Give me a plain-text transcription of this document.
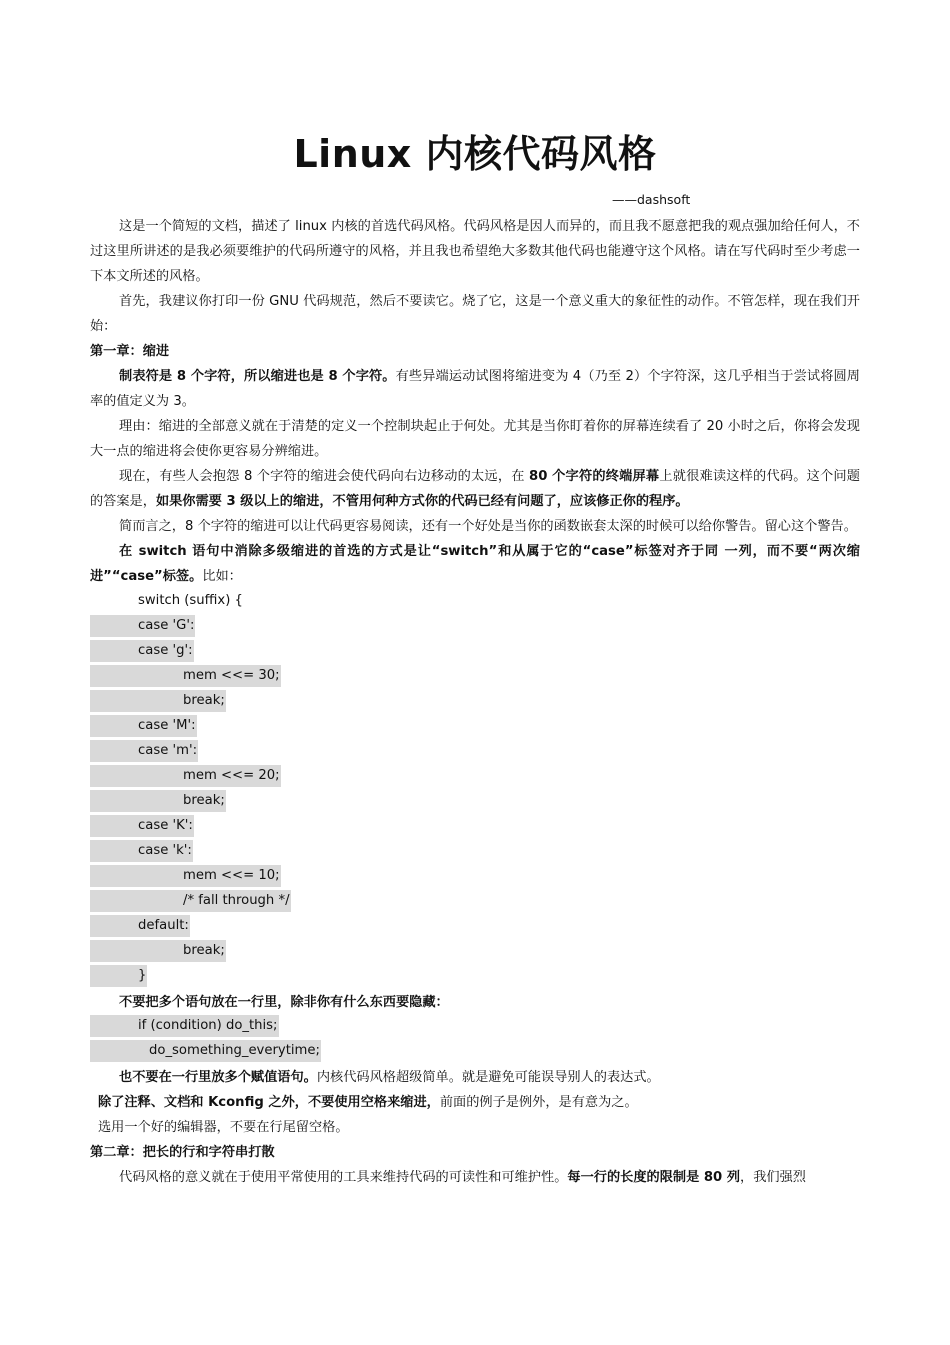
Linux 内核代码风格
——dashsoft

这是一个简短的文档，描述了 linux 内核的首选代码风格。代码风格是因人而异的，而且我不愿意把我的观点强加给任何人，不过这里所讲述的是我必须要维护的代码所遵守的风格，并且我也希望绝大多数其他代码也能遵守这个风格。请在写代码时至少考虑一下本文所述的风格。

首先，我建议你打印一份 GNU 代码规范，然后不要读它。烧了它，这是一个意义重大的象征性的动作。不管怎样，现在我们开始：

第一章：缩进

制表符是 8 个字符，所以缩进也是 8 个字符。有些异端运动试图将缩进变为 4（乃至 2）个字符深，这几乎相当于尝试将圆周率的值定义为 3。

理由：缩进的全部意义就在于清楚的定义一个控制块起止于何处。尤其是当你盯着你的屏幕连续看了 20 小时之后，你将会发现大一点的缩进将会使你更容易分辨缩进。

现在，有些人会抱怨 8 个字符的缩进会使代码向右边移动的太远，在 80 个字符的终端屏幕上就很难读这样的代码。这个问题的答案是，如果你需要 3 级以上的缩进，不管用何种方式你的代码已经有问题了，应该修正你的程序。

简而言之，8 个字符的缩进可以让代码更容易阅读，还有一个好处是当你的函数嵌套太深的时候可以给你警告。留心这个警告。

在 switch 语句中消除多级缩进的首选的方式是让“switch”和从属于它的“case”标签对齐于同 一列，而不要“两次缩进”“case”标签。比如：

switch (suffix) {
case 'G':
case 'g':
mem <<= 30;
break;
case 'M':
case 'm':
mem <<= 20;
break;
case 'K':
case 'k':
mem <<= 10;
/* fall through */
default:
break;
}

不要把多个语句放在一行里，除非你有什么东西要隐藏：

if (condition) do_this;
do_something_everytime;

也不要在一行里放多个赋值语句。内核代码风格超级简单。就是避免可能误导别人的表达式。

除了注释、文档和 Kconfig 之外，不要使用空格来缩进，前面的例子是例外，是有意为之。

选用一个好的编辑器，不要在行尾留空格。

第二章：把长的行和字符串打散

代码风格的意义就在于使用平常使用的工具来维持代码的可读性和可维护性。每一行的长度的限制是 80 列，我们强烈
